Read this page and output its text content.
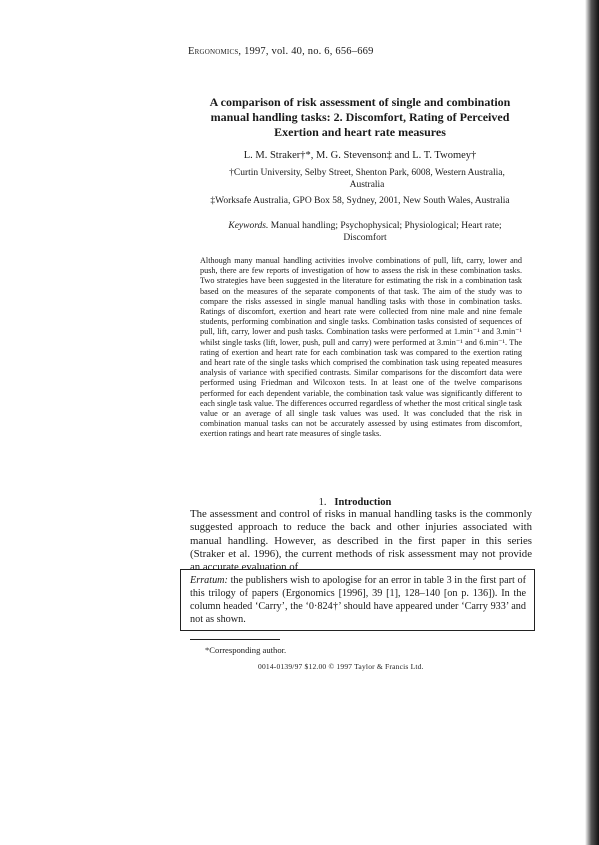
Ergonomics, 1997, vol. 40, no. 6, 656–669
A comparison of risk assessment of single and combination manual handling tasks: 2. Discomfort, Rating of Perceived Exertion and heart rate measures
L. M. Straker†*, M. G. Stevenson‡ and L. T. Twomey†
†Curtin University, Selby Street, Shenton Park, 6008, Western Australia, Australia
‡Worksafe Australia, GPO Box 58, Sydney, 2001, New South Wales, Australia
Keywords. Manual handling; Psychophysical; Physiological; Heart rate; Discomfort
Although many manual handling activities involve combinations of pull, lift, carry, lower and push, there are few reports of investigation of how to assess the risk in these combination tasks. Two strategies have been suggested in the literature for estimating the risk in a combination task based on the measures of the separate components of that task. The aim of the study was to compare the risks assessed in single manual handling tasks with those in combination tasks. Ratings of discomfort, exertion and heart rate were collected from nine male and nine female students, performing combination and single tasks. Combination tasks consisted of sequences of pull, lift, carry, lower and push tasks. Combination tasks were performed at 1.min⁻¹ and 3.min⁻¹ whilst single tasks (lift, lower, push, pull and carry) were performed at 3.min⁻¹ and 6.min⁻¹. The rating of exertion and heart rate for each combination task was compared to the exertion rating and heart rate of the single tasks which comprised the combination task using repeated measures analysis of variance with specified contrasts. Similar comparisons for the discomfort data were performed using Friedman and Wilcoxon tests. In at least one of the twelve comparisons performed for each dependent variable, the combination task value was significantly different to each single task value. The differences occurred regardless of whether the most critical single task value or an average of all single task values was used. It was concluded that the risk in combination manual tasks can not be accurately assessed by using estimates from discomfort, exertion ratings and heart rate measures of single tasks.
1. Introduction
The assessment and control of risks in manual handling tasks is the commonly suggested approach to reduce the back and other injuries associated with manual handling. However, as described in the first paper in this series (Straker et al. 1996), the current methods of risk assessment may not provide an accurate evaluation of
Erratum: the publishers wish to apologise for an error in table 3 in the first part of this trilogy of papers (Ergonomics [1996], 39 [1], 128–140 [on p. 136]). In the column headed ‘Carry’, the ‘0·824†’ should have appeared under ‘Carry 933’ and not as shown.
*Corresponding author.
0014-0139/97 $12.00 © 1997 Taylor & Francis Ltd.
